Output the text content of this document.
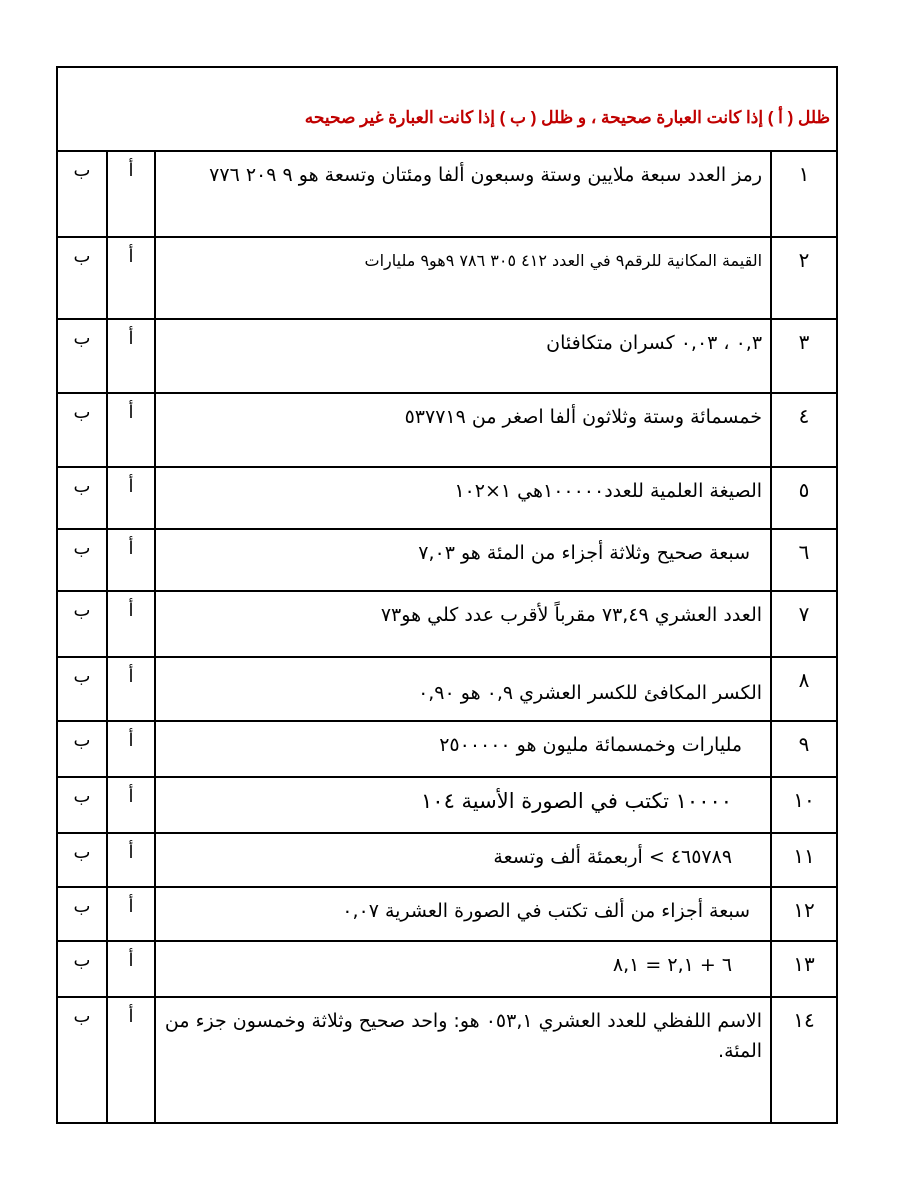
ظلل ( أ ) إذا كانت العبارة صحيحة ، و ظلل ( ب ) إذا كانت العبارة غير صحيحه			

١	رمز العدد سبعة ملايين وستة وسبعون ألفا ومئتان وتسعة هو ٩ ٢٠٩ ٧٧٦	أ	ب
٢	القيمة المكانية للرقم٩ في العدد ٤١٢ ٣٠٥ ٧٨٦ ٩هو٩ مليارات	أ	ب
٣	٠,٣ ، ٠,٠٣ كسران متكافئان	أ	ب
٤	خمسمائة وستة وثلاثون ألفا اصغر من ٥٣٧٧١٩	أ	ب
٥	الصيغة العلمية للعدد١٠٠٠٠٠هي ١×١٠٢	أ	ب
٦	سبعة صحيح وثلاثة أجزاء من المئة هو ٧,٠٣	أ	ب
٧	العدد العشري ٧٣,٤٩ مقرباً لأقرب عدد كلي هو٧٣	أ	ب
٨	الكسر المكافئ للكسر العشري ٠,٩ هو ٠,٩٠	أ	ب
٩	مليارات وخمسمائة مليون هو ٢٥٠٠٠٠٠	أ	ب
١٠	١٠٠٠٠ تكتب في الصورة الأسية ١٠٤	أ	ب
١١	٤٦٥٧٨٩ > أربعمئة ألف وتسعة	أ	ب
١٢	سبعة أجزاء من ألف تكتب في الصورة العشرية ٠,٠٧	أ	ب
١٣	٦ + ٢,١ = ٨,١	أ	ب
١٤	الاسم اللفظي للعدد العشري ٠٥٣,١ هو: واحد صحيح وثلاثة وخمسون جزء من المئة.	أ	ب
